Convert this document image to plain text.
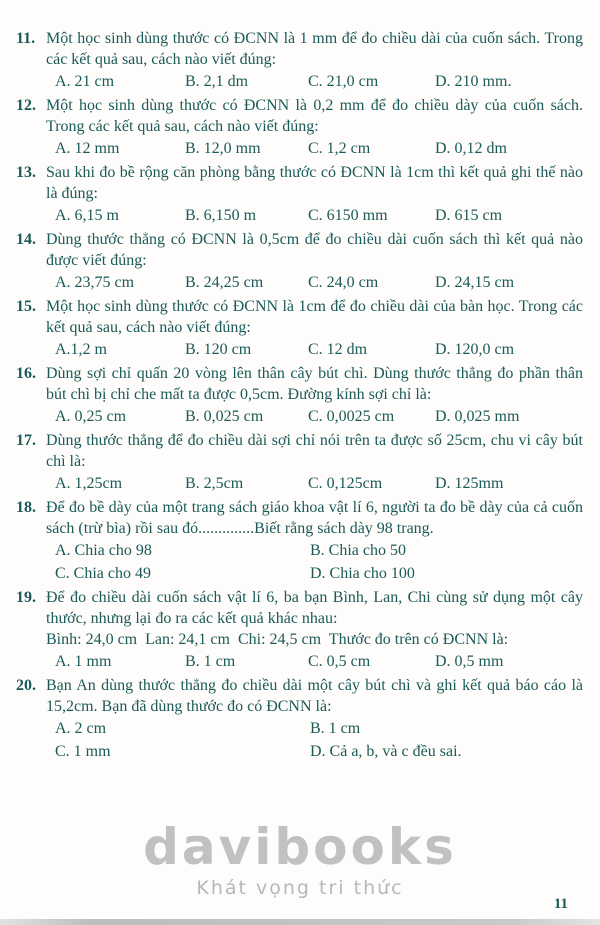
11. Một học sinh dùng thước có ĐCNN là 1 mm để đo chiều dài của cuốn sách. Trong các kết quả sau, cách nào viết đúng:

A. 21 cm	B. 2,1 dm	C. 21,0 cm	D. 210 mm.
12. Một học sinh dùng thước có ĐCNN là 0,2 mm để đo chiều dày của cuốn sách. Trong các kết quả sau, cách nào viết đúng:

A. 12 mm	B. 12,0 mm	C. 1,2 cm	D. 0,12 dm
13. Sau khi đo bề rộng căn phòng bằng thước có ĐCNN là 1cm thì kết quả ghi thế nào là đúng:

A. 6,15 m	B. 6,150 m	C. 6150 mm	D. 615 cm
14. Dùng thước thẳng có ĐCNN là 0,5cm để đo chiều dài cuốn sách thì kết quả nào được viết đúng:

A. 23,75 cm	B. 24,25 cm	C. 24,0 cm	D. 24,15 cm
15. Một học sinh dùng thước có ĐCNN là 1cm để đo chiều dài của bàn học. Trong các kết quả sau, cách nào viết đúng:

A.1,2 m	B. 120 cm	C. 12 dm	D. 120,0 cm
16. Dùng sợi chỉ quấn 20 vòng lên thân cây bút chì. Dùng thước thẳng đo phần thân bút chì bị chỉ che mất ta được 0,5cm. Đường kính sợi chỉ là:

A. 0,25 cm	B. 0,025 cm	C. 0,0025 cm	D. 0,025 mm
17. Dùng thước thẳng để đo chiều dài sợi chỉ nói trên ta được số 25cm, chu vi cây bút chì là:

A. 1,25cm	B. 2,5cm	C. 0,125cm	D. 125mm
18. Để đo bề dày của một trang sách giáo khoa vật lí 6, người ta đo bề dày của cả cuốn sách (trừ bìa) rồi sau đó..............Biết rằng sách dày 98 trang.

A. Chia cho 98	B. Chia cho 50
C. Chia cho 49	D. Chia cho 100
19. Để đo chiều dài cuốn sách vật lí 6, ba bạn Bình, Lan, Chi cùng sử dụng một cây thước, nhưng lại đo ra các kết quả khác nhau:

Bình: 24,0 cm  Lan: 24,1 cm  Chi: 24,5 cm  Thước đo trên có ĐCNN là:

A. 1 mm	B. 1 cm	C. 0,5 cm	D. 0,5 mm
20. Bạn An dùng thước thẳng đo chiều dài một cây bút chì và ghi kết quả báo cáo là 15,2cm. Bạn đã dùng thước đo có ĐCNN là:

A. 2 cm	B. 1 cm
C. 1 mm	D. Cả a, b, và c đều sai.
davibooks
Khát vọng tri thức
11
